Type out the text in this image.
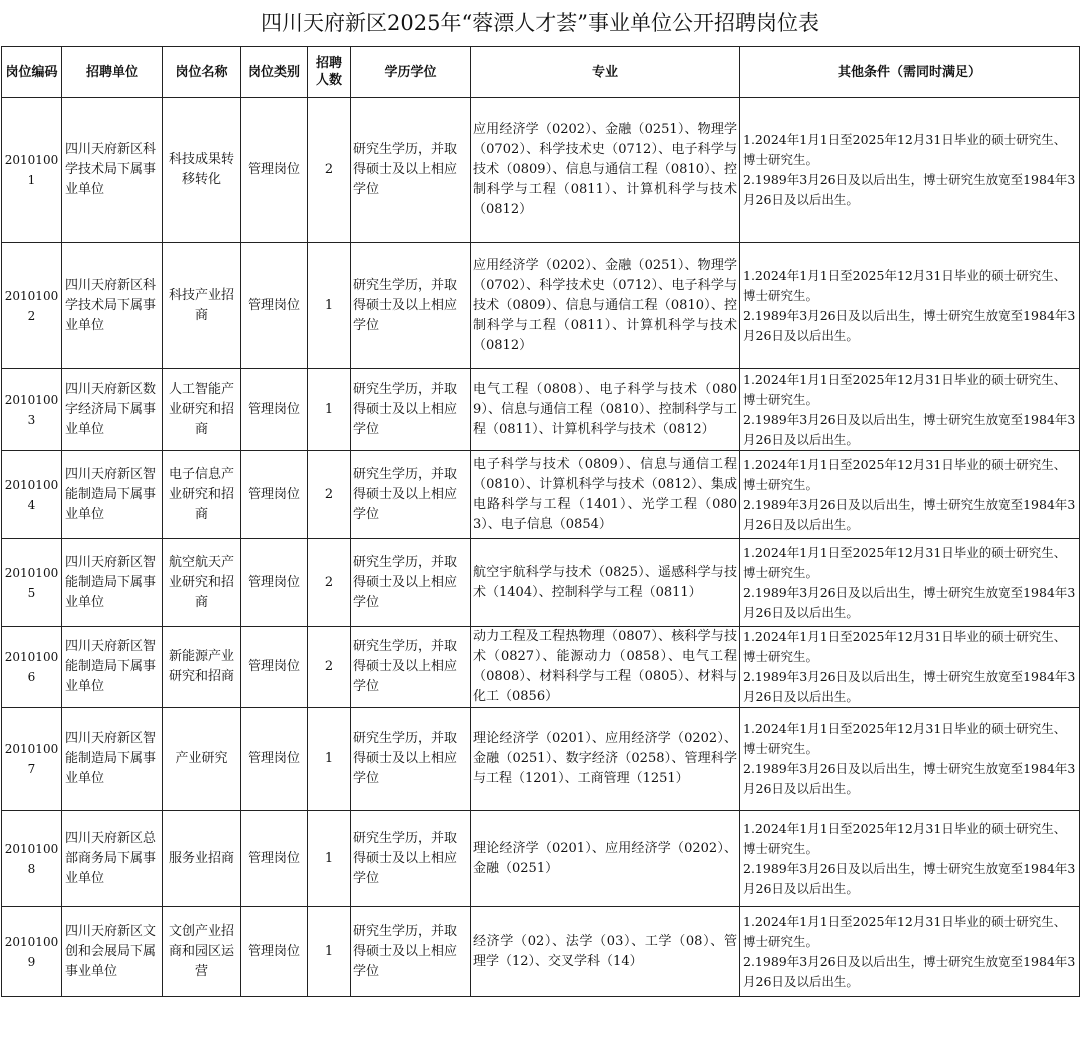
四川天府新区2025年“蓉漂人才荟”事业单位公开招聘岗位表
岗位编码	招聘单位	岗位名称	岗位类别	招聘人数	学历学位	专业	其他条件（需同时满足）
20101001	四川天府新区科学技术局下属事业单位	科技成果转移转化	管理岗位	2	研究生学历，并取得硕士及以上相应学位	应用经济学（0202）、金融（0251）、物理学（0702）、科学技术史（0712）、电子科学与技术（0809）、信息与通信工程（0810）、控制科学与工程（0811）、计算机科学与技术（0812）	1.2024年1月1日至2025年12月31日毕业的硕士研究生、博士研究生。
2.1989年3月26日及以后出生，博士研究生放宽至1984年3月26日及以后出生。

20101002	四川天府新区科学技术局下属事业单位	科技产业招商	管理岗位	1	研究生学历，并取得硕士及以上相应学位	应用经济学（0202）、金融（0251）、物理学（0702）、科学技术史（0712）、电子科学与技术（0809）、信息与通信工程（0810）、控制科学与工程（0811）、计算机科学与技术（0812）	1.2024年1月1日至2025年12月31日毕业的硕士研究生、博士研究生。
2.1989年3月26日及以后出生，博士研究生放宽至1984年3月26日及以后出生。

20101003	四川天府新区数字经济局下属事业单位	人工智能产业研究和招商	管理岗位	1	研究生学历，并取得硕士及以上相应学位	电气工程（0808）、电子科学与技术（0809）、信息与通信工程（0810）、控制科学与工程（0811）、计算机科学与技术（0812）	1.2024年1月1日至2025年12月31日毕业的硕士研究生、博士研究生。
2.1989年3月26日及以后出生，博士研究生放宽至1984年3月26日及以后出生。

20101004	四川天府新区智能制造局下属事业单位	电子信息产业研究和招商	管理岗位	2	研究生学历，并取得硕士及以上相应学位	电子科学与技术（0809）、信息与通信工程（0810）、计算机科学与技术（0812）、集成电路科学与工程（1401）、光学工程（0803）、电子信息（0854）	1.2024年1月1日至2025年12月31日毕业的硕士研究生、博士研究生。
2.1989年3月26日及以后出生，博士研究生放宽至1984年3月26日及以后出生。

20101005	四川天府新区智能制造局下属事业单位	航空航天产业研究和招商	管理岗位	2	研究生学历，并取得硕士及以上相应学位	航空宇航科学与技术（0825）、遥感科学与技术（1404）、控制科学与工程（0811）	1.2024年1月1日至2025年12月31日毕业的硕士研究生、博士研究生。
2.1989年3月26日及以后出生，博士研究生放宽至1984年3月26日及以后出生。

20101006	四川天府新区智能制造局下属事业单位	新能源产业研究和招商	管理岗位	2	研究生学历，并取得硕士及以上相应学位	动力工程及工程热物理（0807）、核科学与技术（0827）、能源动力（0858）、电气工程（0808）、材料科学与工程（0805）、材料与化工（0856）	1.2024年1月1日至2025年12月31日毕业的硕士研究生、博士研究生。
2.1989年3月26日及以后出生，博士研究生放宽至1984年3月26日及以后出生。

20101007	四川天府新区智能制造局下属事业单位	产业研究	管理岗位	1	研究生学历，并取得硕士及以上相应学位	理论经济学（0201）、应用经济学（0202）、金融（0251）、数字经济（0258）、管理科学与工程（1201）、工商管理（1251）	1.2024年1月1日至2025年12月31日毕业的硕士研究生、博士研究生。
2.1989年3月26日及以后出生，博士研究生放宽至1984年3月26日及以后出生。

20101008	四川天府新区总部商务局下属事业单位	服务业招商	管理岗位	1	研究生学历，并取得硕士及以上相应学位	理论经济学（0201）、应用经济学（0202）、金融（0251）	1.2024年1月1日至2025年12月31日毕业的硕士研究生、博士研究生。
2.1989年3月26日及以后出生，博士研究生放宽至1984年3月26日及以后出生。

20101009	四川天府新区文创和会展局下属事业单位	文创产业招商和园区运营	管理岗位	1	研究生学历，并取得硕士及以上相应学位	经济学（02）、法学（03）、工学（08）、管理学（12）、交叉学科（14）	1.2024年1月1日至2025年12月31日毕业的硕士研究生、博士研究生。
2.1989年3月26日及以后出生，博士研究生放宽至1984年3月26日及以后出生。
